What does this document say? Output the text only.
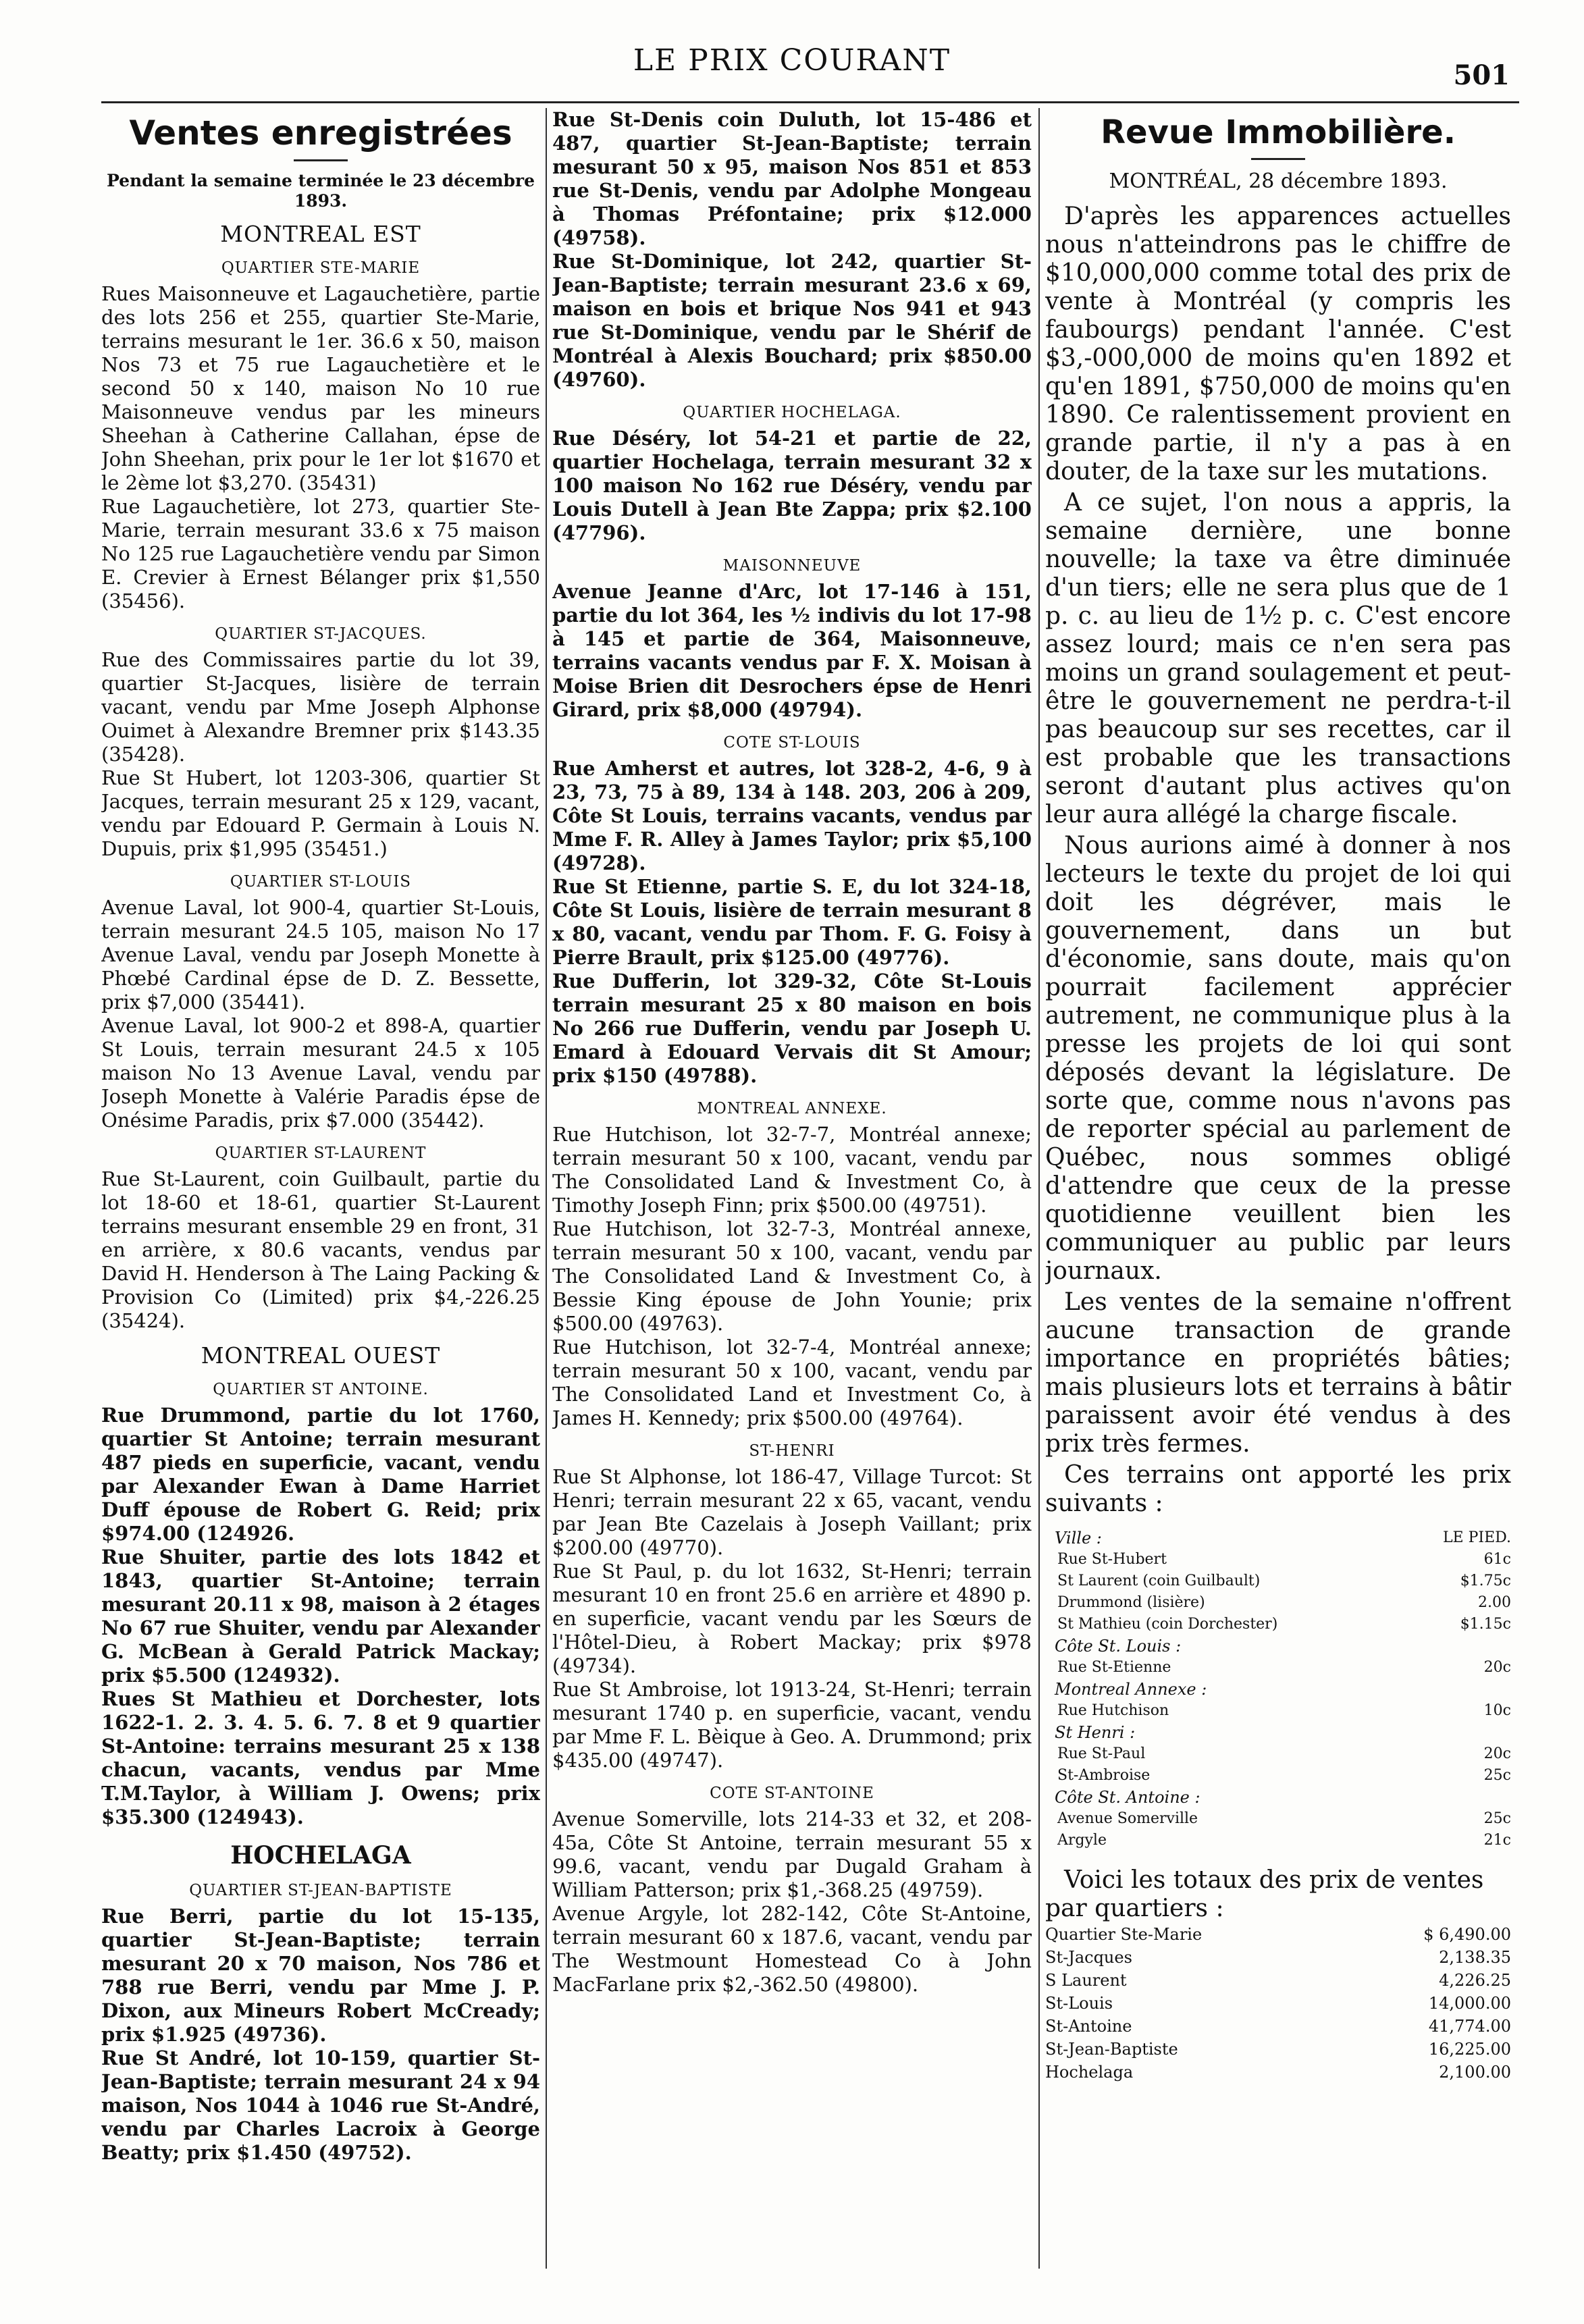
LE PRIX COURANT	501
Ventes enregistrées
Pendant la semaine terminée le 23 décembre 1893.
MONTREAL EST
QUARTIER STE-MARIE

Rues Maisonneuve et Lagauchetière, partie des lots 256 et 255, quartier Ste-Marie, terrains mesurant le 1er. 36.6 x 50, maison Nos 73 et 75 rue Lagauchetière et le second 50 x 140, maison No 10 rue Maisonneuve vendus par les mineurs Sheehan à Catherine Callahan, épse de John Sheehan, prix pour le 1er lot $1670 et le 2ème lot $3,270. (35431)

Rue Lagauchetière, lot 273, quartier Ste-Marie, terrain mesurant 33.6 x 75 maison No 125 rue Lagauchetière vendu par Simon E. Crevier à Ernest Bélanger prix $1,550 (35456).

QUARTIER ST-JACQUES.

Rue des Commissaires partie du lot 39, quartier St-Jacques, lisière de terrain vacant, vendu par Mme Joseph Alphonse Ouimet à Alexandre Bremner prix $143.35 (35428).

Rue St Hubert, lot 1203-306, quartier St Jacques, terrain mesurant 25 x 129, vacant, vendu par Edouard P. Germain à Louis N. Dupuis, prix $1,995 (35451.)

QUARTIER ST-LOUIS

Avenue Laval, lot 900-4, quartier St-Louis, terrain mesurant 24.5 105, maison No 17 Avenue Laval, vendu par Joseph Monette à Phœbé Cardinal épse de D. Z. Bessette, prix $7,000 (35441).

Avenue Laval, lot 900-2 et 898-A, quartier St Louis, terrain mesurant 24.5 x 105 maison No 13 Avenue Laval, vendu par Joseph Monette à Valérie Paradis épse de Onésime Paradis, prix $7.000 (35442).

QUARTIER ST-LAURENT

Rue St-Laurent, coin Guilbault, partie du lot 18-60 et 18-61, quartier St-Laurent terrains mesurant ensemble 29 en front, 31 en arrière, x 80.6 vacants, vendus par David H. Henderson à The Laing Packing & Provision Co (Limited) prix $4,-226.25 (35424).

MONTREAL OUEST
QUARTIER ST ANTOINE.

Rue Drummond, partie du lot 1760, quartier St Antoine; terrain mesurant 487 pieds en superficie, vacant, vendu par Alexander Ewan à Dame Harriet Duff épouse de Robert G. Reid; prix $974.00 (124926.

Rue Shuiter, partie des lots 1842 et 1843, quartier St-Antoine; terrain mesurant 20.11 x 98, maison à 2 étages No 67 rue Shuiter, vendu par Alexander G. McBean à Gerald Patrick Mackay; prix $5.500 (124932).

Rues St Mathieu et Dorchester, lots 1622-1. 2. 3. 4. 5. 6. 7. 8 et 9 quartier St-Antoine: terrains mesurant 25 x 138 chacun, vacants, vendus par Mme T.M.Taylor, à William J. Owens; prix $35.300 (124943).

HOCHELAGA
QUARTIER ST-JEAN-BAPTISTE

Rue Berri, partie du lot 15-135, quartier St-Jean-Baptiste; terrain mesurant 20 x 70 maison, Nos 786 et 788 rue Berri, vendu par Mme J. P. Dixon, aux Mineurs Robert McCready; prix $1.925 (49736).

Rue St André, lot 10-159, quartier St-Jean-Baptiste; terrain mesurant 24 x 94 maison, Nos 1044 à 1046 rue St-André, vendu par Charles Lacroix à George Beatty; prix $1.450 (49752).

Rue St-Denis coin Duluth, lot 15-486 et 487, quartier St-Jean-Baptiste; terrain mesurant 50 x 95, maison Nos 851 et 853 rue St-Denis, vendu par Adolphe Mongeau à Thomas Préfontaine; prix $12.000 (49758).

Rue St-Dominique, lot 242, quartier St-Jean-Baptiste; terrain mesurant 23.6 x 69, maison en bois et brique Nos 941 et 943 rue St-Dominique, vendu par le Shérif de Montréal à Alexis Bouchard; prix $850.00 (49760).

QUARTIER HOCHELAGA.

Rue Déséry, lot 54-21 et partie de 22, quartier Hochelaga, terrain mesurant 32 x 100 maison No 162 rue Déséry, vendu par Louis Dutell à Jean Bte Zappa; prix $2.100 (47796).

MAISONNEUVE

Avenue Jeanne d'Arc, lot 17-146 à 151, partie du lot 364, les ½ indivis du lot 17-98 à 145 et partie de 364, Maisonneuve, terrains vacants vendus par F. X. Moisan à Moise Brien dit Desrochers épse de Henri Girard, prix $8,000 (49794).

COTE ST-LOUIS

Rue Amherst et autres, lot 328-2, 4-6, 9 à 23, 73, 75 à 89, 134 à 148. 203, 206 à 209, Côte St Louis, terrains vacants, vendus par Mme F. R. Alley à James Taylor; prix $5,100 (49728).

Rue St Etienne, partie S. E, du lot 324-18, Côte St Louis, lisière de terrain mesurant 8 x 80, vacant, vendu par Thom. F. G. Foisy à Pierre Brault, prix $125.00 (49776).

Rue Dufferin, lot 329-32, Côte St-Louis terrain mesurant 25 x 80 maison en bois No 266 rue Dufferin, vendu par Joseph U. Emard à Edouard Vervais dit St Amour; prix $150 (49788).

MONTREAL ANNEXE.

Rue Hutchison, lot 32-7-7, Montréal annexe; terrain mesurant 50 x 100, vacant, vendu par The Consolidated Land & Investment Co, à Timothy Joseph Finn; prix $500.00 (49751).

Rue Hutchison, lot 32-7-3, Montréal annexe, terrain mesurant 50 x 100, vacant, vendu par The Consolidated Land & Investment Co, à Bessie King épouse de John Younie; prix $500.00 (49763).

Rue Hutchison, lot 32-7-4, Montréal annexe; terrain mesurant 50 x 100, vacant, vendu par The Consolidated Land et Investment Co, à James H. Kennedy; prix $500.00 (49764).

ST-HENRI

Rue St Alphonse, lot 186-47, Village Turcot: St Henri; terrain mesurant 22 x 65, vacant, vendu par Jean Bte Cazelais à Joseph Vaillant; prix $200.00 (49770).

Rue St Paul, p. du lot 1632, St-Henri; terrain mesurant 10 en front 25.6 en arrière et 4890 p. en superficie, vacant vendu par les Sœurs de l'Hôtel-Dieu, à Robert Mackay; prix $978 (49734).

Rue St Ambroise, lot 1913-24, St-Henri; terrain mesurant 1740 p. en superficie, vacant, vendu par Mme F. L. Bèique à Geo. A. Drummond; prix $435.00 (49747).

COTE ST-ANTOINE

Avenue Somerville, lots 214-33 et 32, et 208-45a, Côte St Antoine, terrain mesurant 55 x 99.6, vacant, vendu par Dugald Graham à William Patterson; prix $1,-368.25 (49759).

Avenue Argyle, lot 282-142, Côte St-Antoine, terrain mesurant 60 x 187.6, vacant, vendu par The Westmount Homestead Co à John MacFarlane prix $2,-362.50 (49800).

Revue Immobilière.
MONTRÉAL, 28 décembre 1893.

D'après les apparences actuelles nous n'atteindrons pas le chiffre de $10,000,000 comme total des prix de vente à Montréal (y compris les faubourgs) pendant l'année. C'est $3,-000,000 de moins qu'en 1892 et qu'en 1891, $750,000 de moins qu'en 1890. Ce ralentissement provient en grande partie, il n'y a pas à en douter, de la taxe sur les mutations.

A ce sujet, l'on nous a appris, la semaine dernière, une bonne nouvelle; la taxe va être diminuée d'un tiers; elle ne sera plus que de 1 p. c. au lieu de 1½ p. c. C'est encore assez lourd; mais ce n'en sera pas moins un grand soulagement et peut-être le gouvernement ne perdra-t-il pas beaucoup sur ses recettes, car il est probable que les transactions seront d'autant plus actives qu'on leur aura allégé la charge fiscale.

Nous aurions aimé à donner à nos lecteurs le texte du projet de loi qui doit les dégréver, mais le gouvernement, dans un but d'économie, sans doute, mais qu'on pourrait facilement apprécier autrement, ne communique plus à la presse les projets de loi qui sont déposés devant la législature. De sorte que, comme nous n'avons pas de reporter spécial au parlement de Québec, nous sommes obligé d'attendre que ceux de la presse quotidienne veuillent bien les communiquer au public par leurs journaux.

Les ventes de la semaine n'offrent aucune transaction de grande importance en propriétés bâties; mais plusieurs lots et terrains à bâtir paraissent avoir été vendus à des prix très fermes.

Ces terrains ont apporté les prix suivants :

Ville :	LE PIED.
Rue St-Hubert	61c
St Laurent (coin Guilbault)	$1.75c
Drummond (lisière)	2.00
St Mathieu (coin Dorchester)	$1.15c
Côte St. Louis :	
Rue St-Etienne	20c
Montreal Annexe :	
Rue Hutchison	10c
St Henri :	
Rue St-Paul	20c
St-Ambroise	25c
Côte St. Antoine :	
Avenue Somerville	25c
Argyle	21c
Voici les totaux des prix de ventes par quartiers :
Quartier Ste-Marie	$ 6,490.00
St-Jacques	2,138.35
S Laurent	4,226.25
St-Louis	14,000.00
St-Antoine	41,774.00
St-Jean-Baptiste	16,225.00
Hochelaga	2,100.00
